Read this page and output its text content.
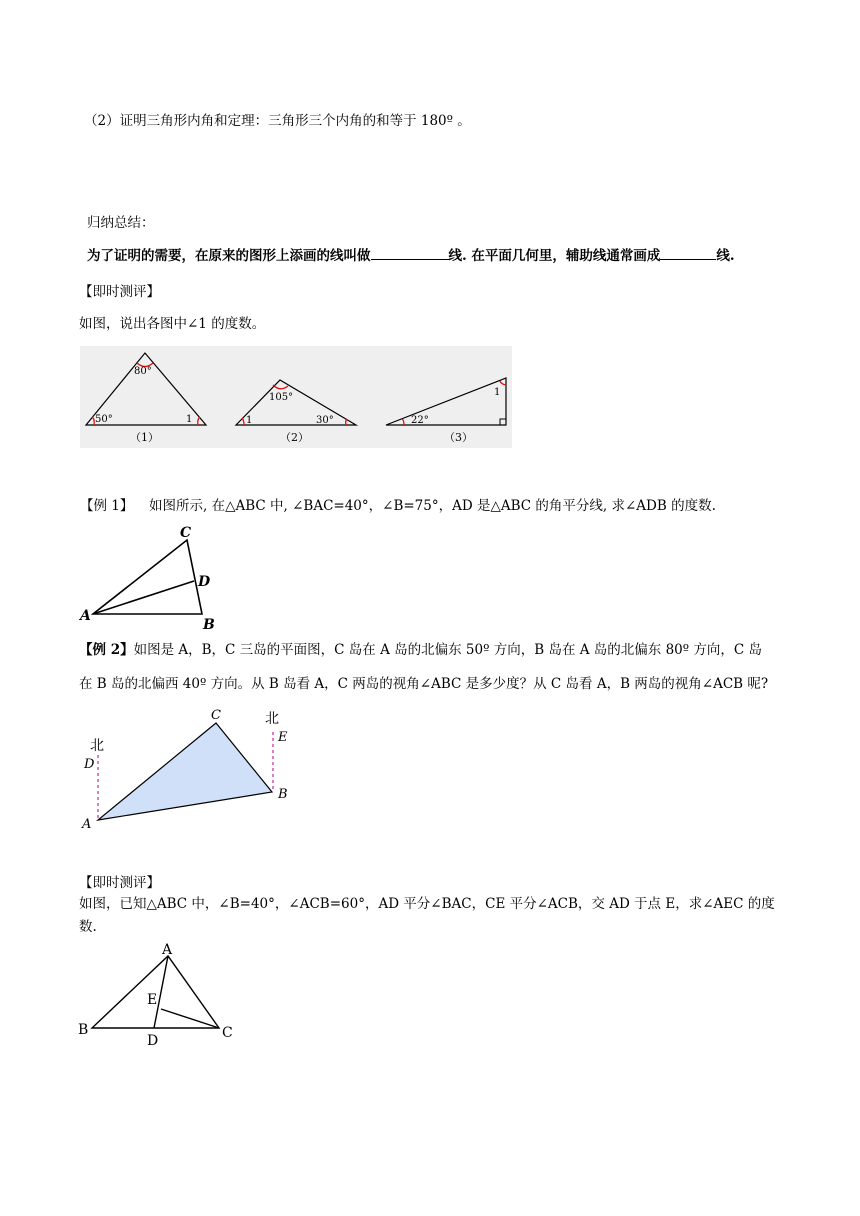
（2）证明三角形内角和定理：三角形三个内角的和等于 180º 。
归纳总结：
为了证明的需要，在原来的图形上添画的线叫做	线. 在平面几何里，辅助线通常画成	线.
【即时测评】
如图，说出各图中∠1 的度数。
80°
50°	1
（1）
105°
1	30°
（2）
22°
1
（3）
【例 1】 如图所示, 在△ABC 中, ∠BAC=40°，∠B=75°，AD 是△ABC 的角平分线, 求∠ADB 的度数.
A
B
C
D
【例 2】如图是 A，B，C 三岛的平面图，C 岛在 A 岛的北偏东 50º 方向，B 岛在 A 岛的北偏东 80º 方向，C 岛
在 B 岛的北偏西 40º 方向。从 B 岛看 A，C 两岛的视角∠ABC 是多少度？从 C 岛看 A，B 两岛的视角∠ACB 呢?
北
北
A
B
C
D
E
【即时测评】
如图，已知△ABC 中，∠B=40°，∠ACB=60°，AD 平分∠BAC，CE 平分∠ACB，交 AD 于点 E，求∠AEC 的度
数.
A
B	C
D
E
